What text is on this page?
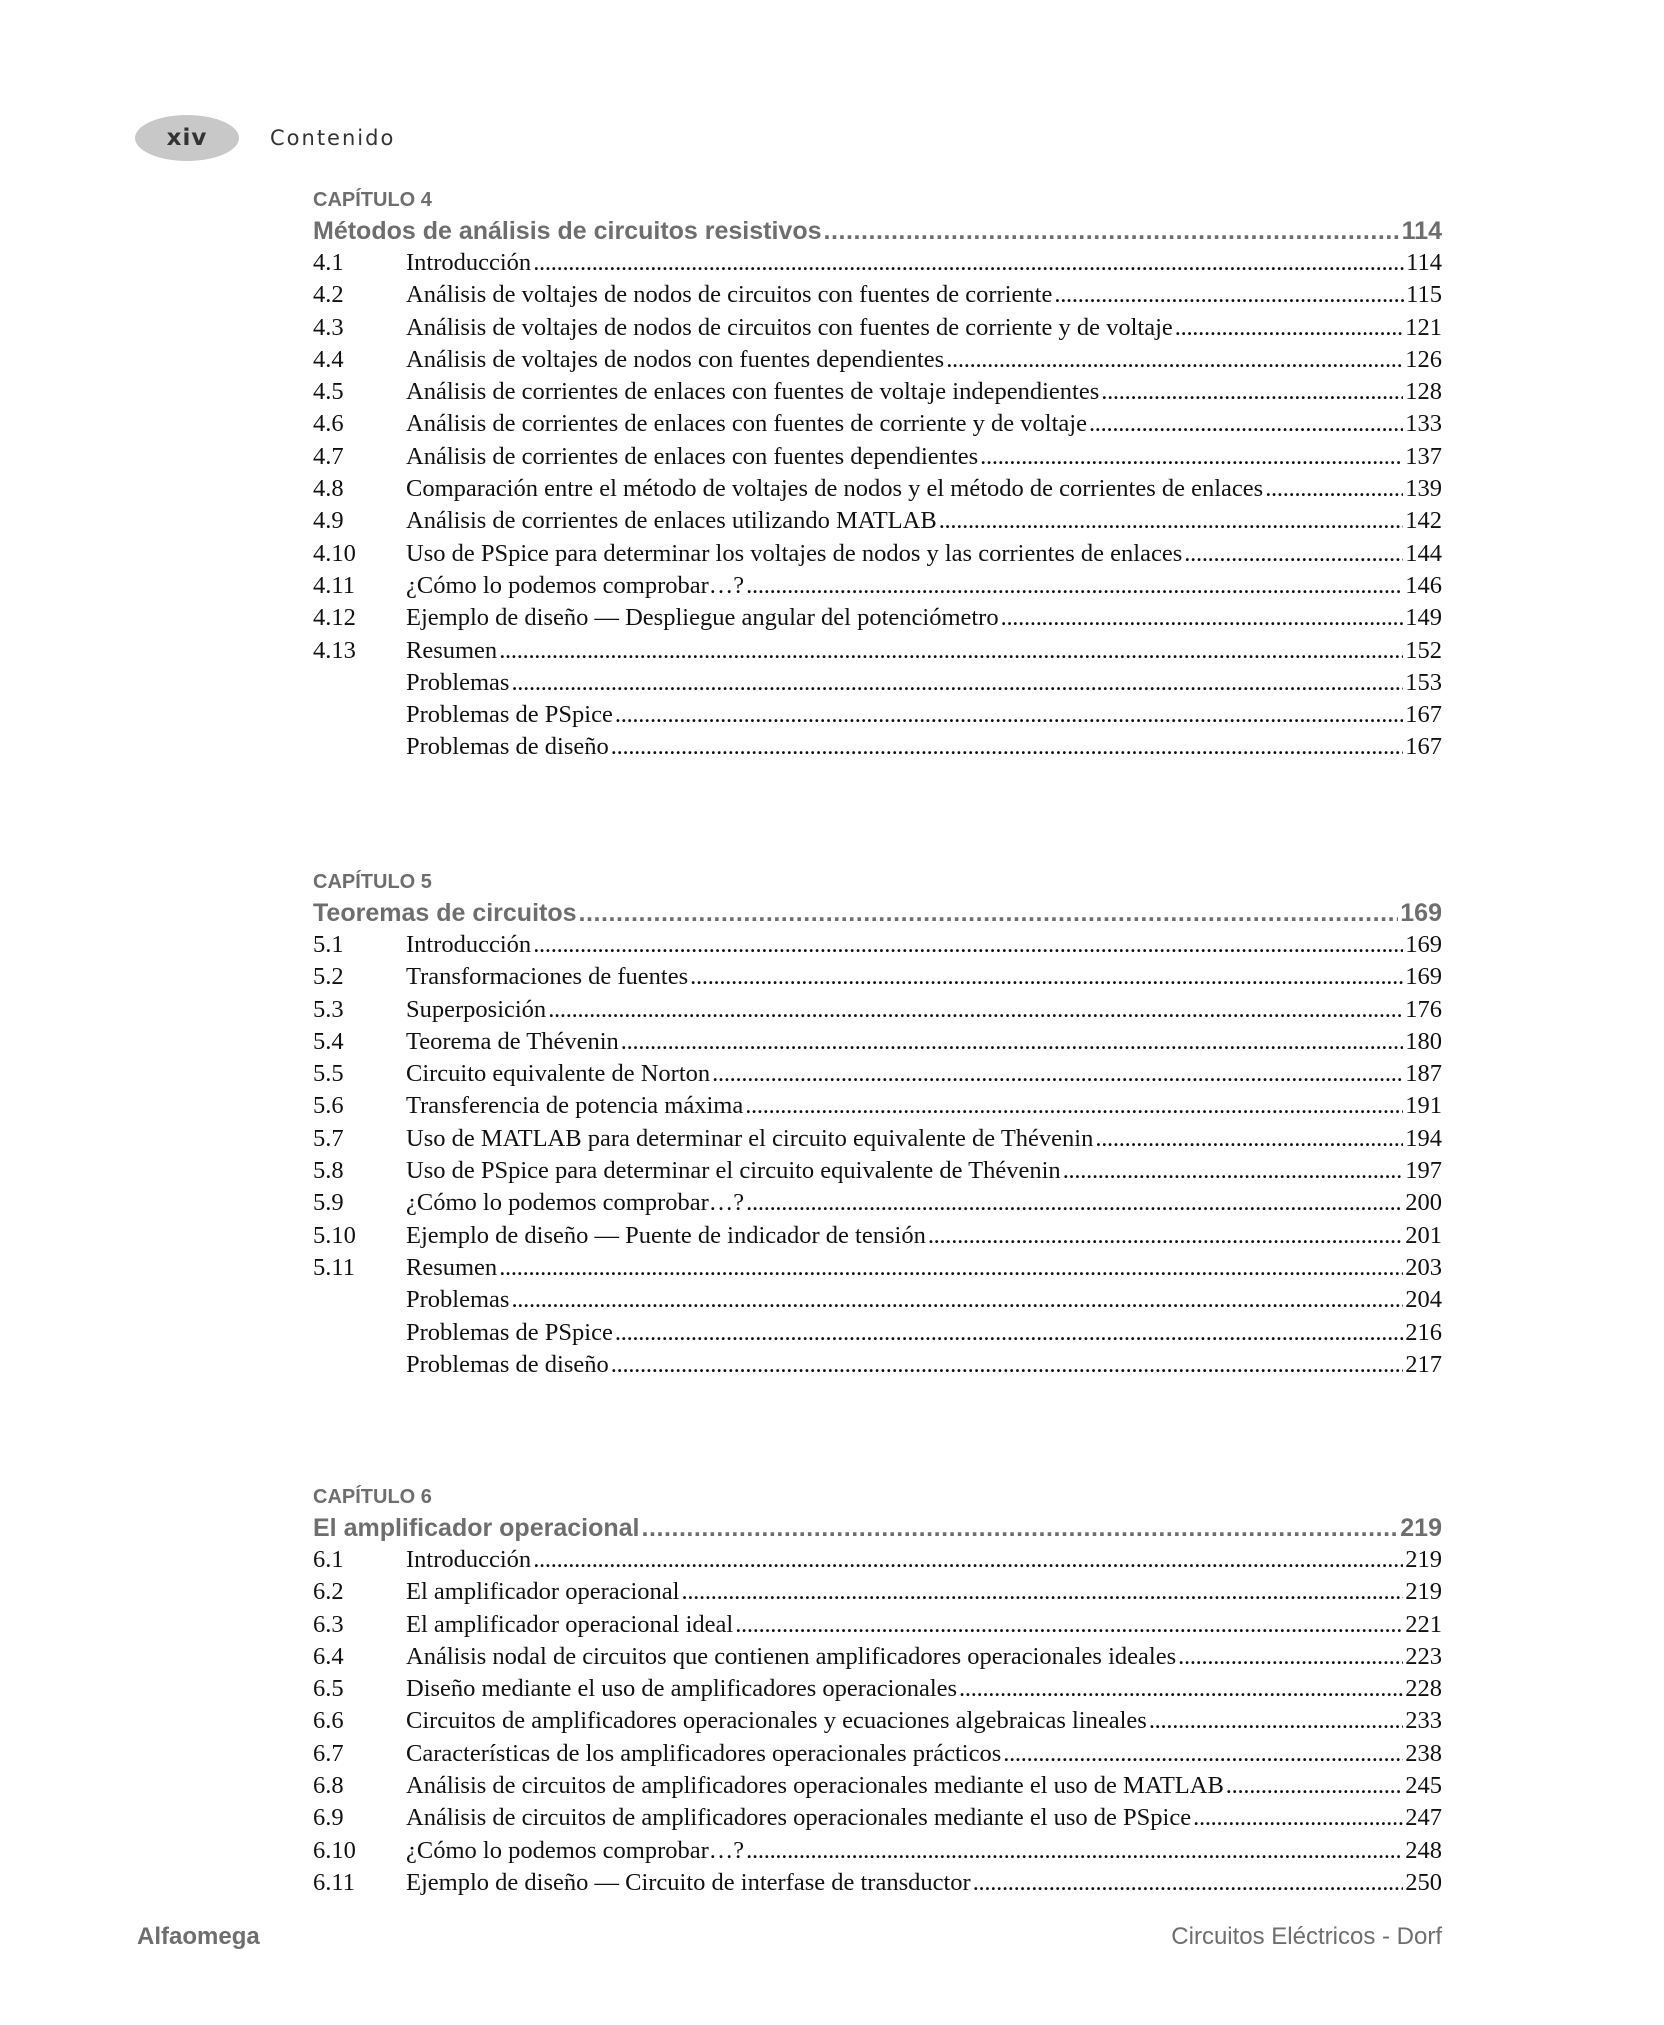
xiv	Contenido
CAPÍTULO 4
Métodos de análisis de circuitos resistivos . . .	114
4.1	Introducción . . .	114
4.2	Análisis de voltajes de nodos de circuitos con fuentes de corriente . . .	115
4.3	Análisis de voltajes de nodos de circuitos con fuentes de corriente y de voltaje . . .	121
4.4	Análisis de voltajes de nodos con fuentes dependientes . . .	126
4.5	Análisis de corrientes de enlaces con fuentes de voltaje independientes . . .	128
4.6	Análisis de corrientes de enlaces con fuentes de corriente y de voltaje . . .	133
4.7	Análisis de corrientes de enlaces con fuentes dependientes . . .	137
4.8	Comparación entre el método de voltajes de nodos y el método de corrientes de enlaces . . .	139
4.9	Análisis de corrientes de enlaces utilizando MATLAB . . .	142
4.10	Uso de PSpice para determinar los voltajes de nodos y las corrientes de enlaces . . .	144
4.11	¿Cómo lo podemos comprobar…? . . .	146
4.12	Ejemplo de diseño — Despliegue angular del potenciómetro . . .	149
4.13	Resumen . . .	152
Problemas . . .	153
Problemas de PSpice . . .	167
Problemas de diseño . . .	167
CAPÍTULO 5
Teoremas de circuitos . . .	169
5.1	Introducción . . .	169
5.2	Transformaciones de fuentes . . .	169
5.3	Superposición . . .	176
5.4	Teorema de Thévenin . . .	180
5.5	Circuito equivalente de Norton . . .	187
5.6	Transferencia de potencia máxima . . .	191
5.7	Uso de MATLAB para determinar el circuito equivalente de Thévenin . . .	194
5.8	Uso de PSpice para determinar el circuito equivalente de Thévenin . . .	197
5.9	¿Cómo lo podemos comprobar…? . . .	200
5.10	Ejemplo de diseño — Puente de indicador de tensión . . .	201
5.11	Resumen . . .	203
Problemas . . .	204
Problemas de PSpice . . .	216
Problemas de diseño . . .	217
CAPÍTULO 6
El amplificador operacional . . .	219
6.1	Introducción . . .	219
6.2	El amplificador operacional . . .	219
6.3	El amplificador operacional ideal . . .	221
6.4	Análisis nodal de circuitos que contienen amplificadores operacionales ideales . . .	223
6.5	Diseño mediante el uso de amplificadores operacionales . . .	228
6.6	Circuitos de amplificadores operacionales y ecuaciones algebraicas lineales . . .	233
6.7	Características de los amplificadores operacionales prácticos . . .	238
6.8	Análisis de circuitos de amplificadores operacionales mediante el uso de MATLAB . . .	245
6.9	Análisis de circuitos de amplificadores operacionales mediante el uso de PSpice . . .	247
6.10	¿Cómo lo podemos comprobar…? . . .	248
6.11	Ejemplo de diseño — Circuito de interfase de transductor . . .	250
Alfaomega	Circuitos Eléctricos - Dorf
